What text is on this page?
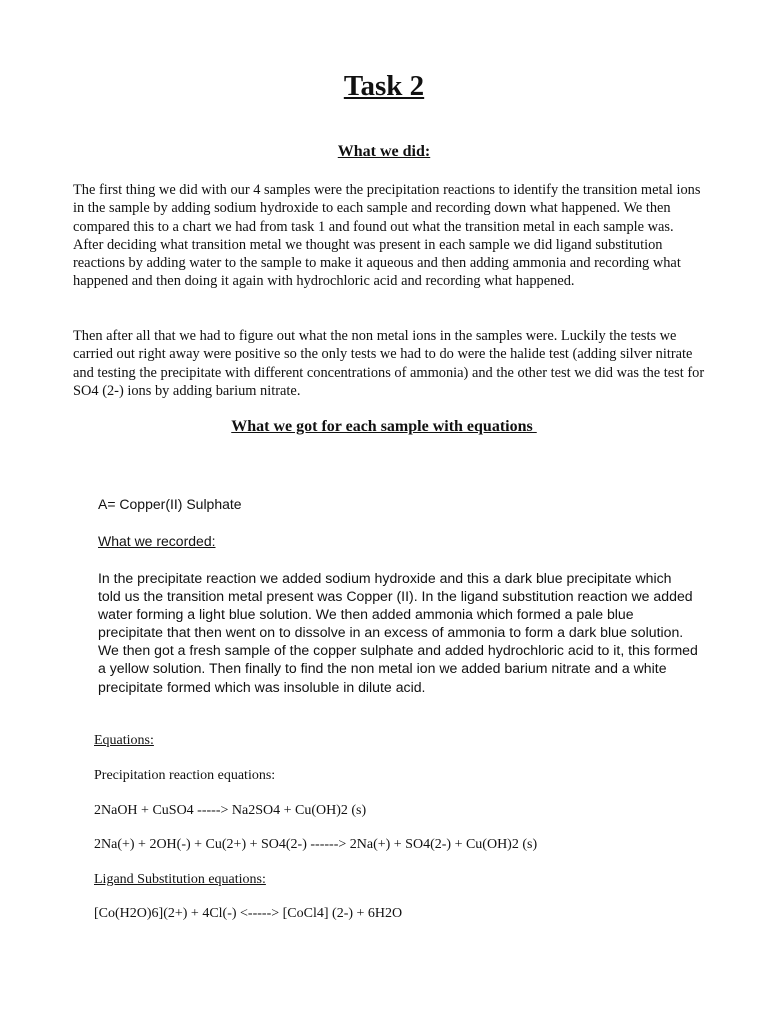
Task 2
What we did:

The first thing we did with our 4 samples were the precipitation reactions to identify the transition metal ions in the sample by adding sodium hydroxide to each sample and recording down what happened. We then compared this to a chart we had from task 1 and found out what the transition metal in each sample was. After deciding what transition metal we thought was present in each sample we did ligand substitution reactions by adding water to the sample to make it aqueous and then adding ammonia and recording what happened and then doing it again with hydrochloric acid and recording what happened.

Then after all that we had to figure out what the non metal ions in the samples were. Luckily the tests we carried out right away were positive so the only tests we had to do were the halide test (adding silver nitrate and testing the precipitate with different concentrations of ammonia) and the other test we did was the test for SO4 (2-) ions by adding barium nitrate.

What we got for each sample with equations

A= Copper(II) Sulphate

What we recorded:

In the precipitate reaction we added sodium hydroxide and this a dark blue precipitate which told us the transition metal present was Copper (II). In the ligand substitution reaction we added water forming a light blue solution. We then added ammonia which formed a pale blue precipitate that then went on to dissolve in an excess of ammonia to form a dark blue solution. We then got a fresh sample of the copper sulphate and added hydrochloric acid to it, this formed a yellow solution. Then finally to find the non metal ion we added barium nitrate and a white precipitate formed which was insoluble in dilute acid.

Equations:

Precipitation reaction equations:

2NaOH + CuSO4 -----> Na2SO4 + Cu(OH)2 (s)

2Na(+) + 2OH(-) + Cu(2+) + SO4(2-) ------> 2Na(+) + SO4(2-) + Cu(OH)2 (s)

Ligand Substitution equations:

[Co(H2O)6](2+) + 4Cl(-) <-----> [CoCl4] (2-) + 6H2O
